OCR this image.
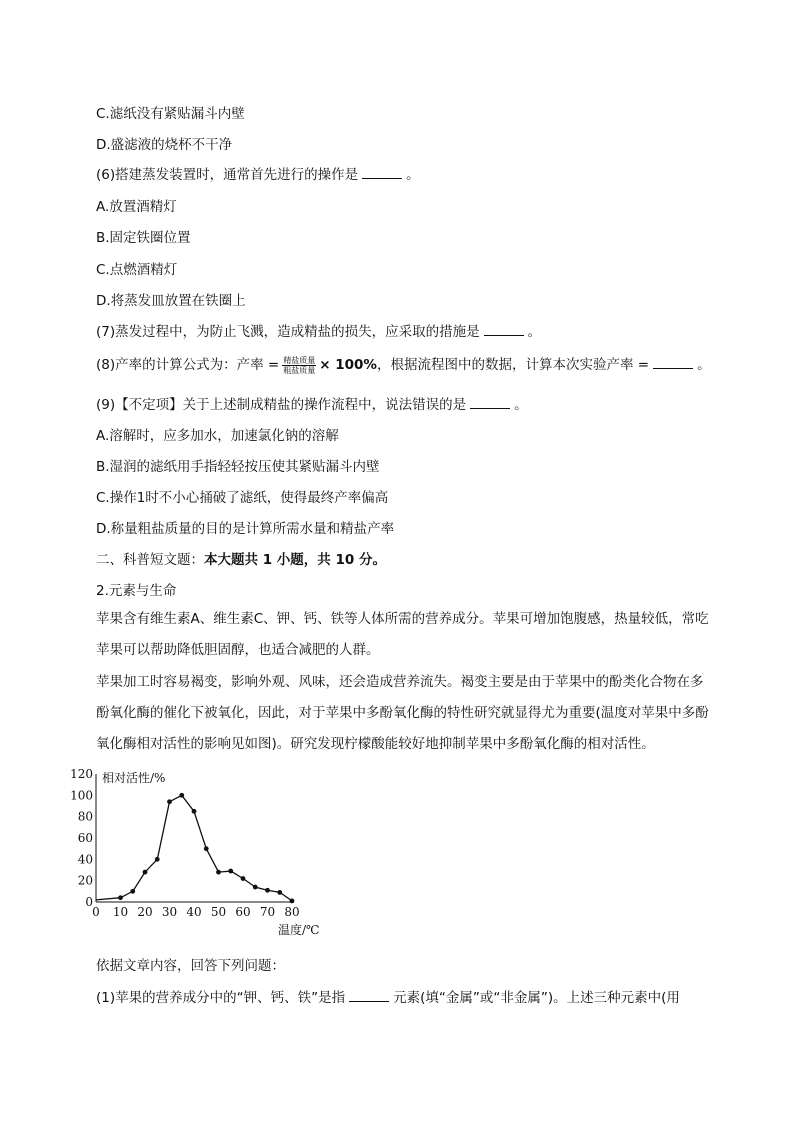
C.滤纸没有紧贴漏斗内壁
D.盛滤液的烧杯不干净
(6)搭建蒸发装置时，通常首先进行的操作是	。
A.放置酒精灯
B.固定铁圈位置
C.点燃酒精灯
D.将蒸发皿放置在铁圈上
(7)蒸发过程中，为防止飞溅，造成精盐的损失，应采取的措施是	。
(8)产率的计算公式为：产率 = $\frac{\text{精盐质量}}{\text{粗盐质量}} \times 100\%$，根据流程图中的数据，计算本次实验产率 =	。
(9)【不定项】关于上述制成精盐的操作流程中，说法错误的是	。
A.溶解时，应多加水，加速氯化钠的溶解
B.湿润的滤纸用手指轻轻按压使其紧贴漏斗内壁
C.操作1时不小心捅破了滤纸，使得最终产率偏高
D.称量粗盐质量的目的是计算所需水量和精盐产率
二、科普短文题：本大题共 1 小题，共 10 分。
2.元素与生命
苹果含有维生素A、维生素C、钾、钙、铁等人体所需的营养成分。苹果可增加饱腹感，热量较低，常吃苹果可以帮助降低胆固醇，也适合减肥的人群。
苹果加工时容易褐变，影响外观、风味，还会造成营养流失。褐变主要是由于苹果中的酚类化合物在多酚氧化酶的催化下被氧化，因此，对于苹果中多酚氧化酶的特性研究就显得尤为重要(温度对苹果中多酚氧化酶相对活性的影响见如图)。研究发现柠檬酸能较好地抑制苹果中多酚氧化酶的相对活性。
0
20
40
60
80
100
120
0 10 20 30 40 50 60 70 80
相对活性/%
温度/℃
依据文章内容，回答下列问题：
(1)苹果的营养成分中的“钾、钙、铁”是指	元素(填“金属”或“非金属”)。上述三种元素中(用
